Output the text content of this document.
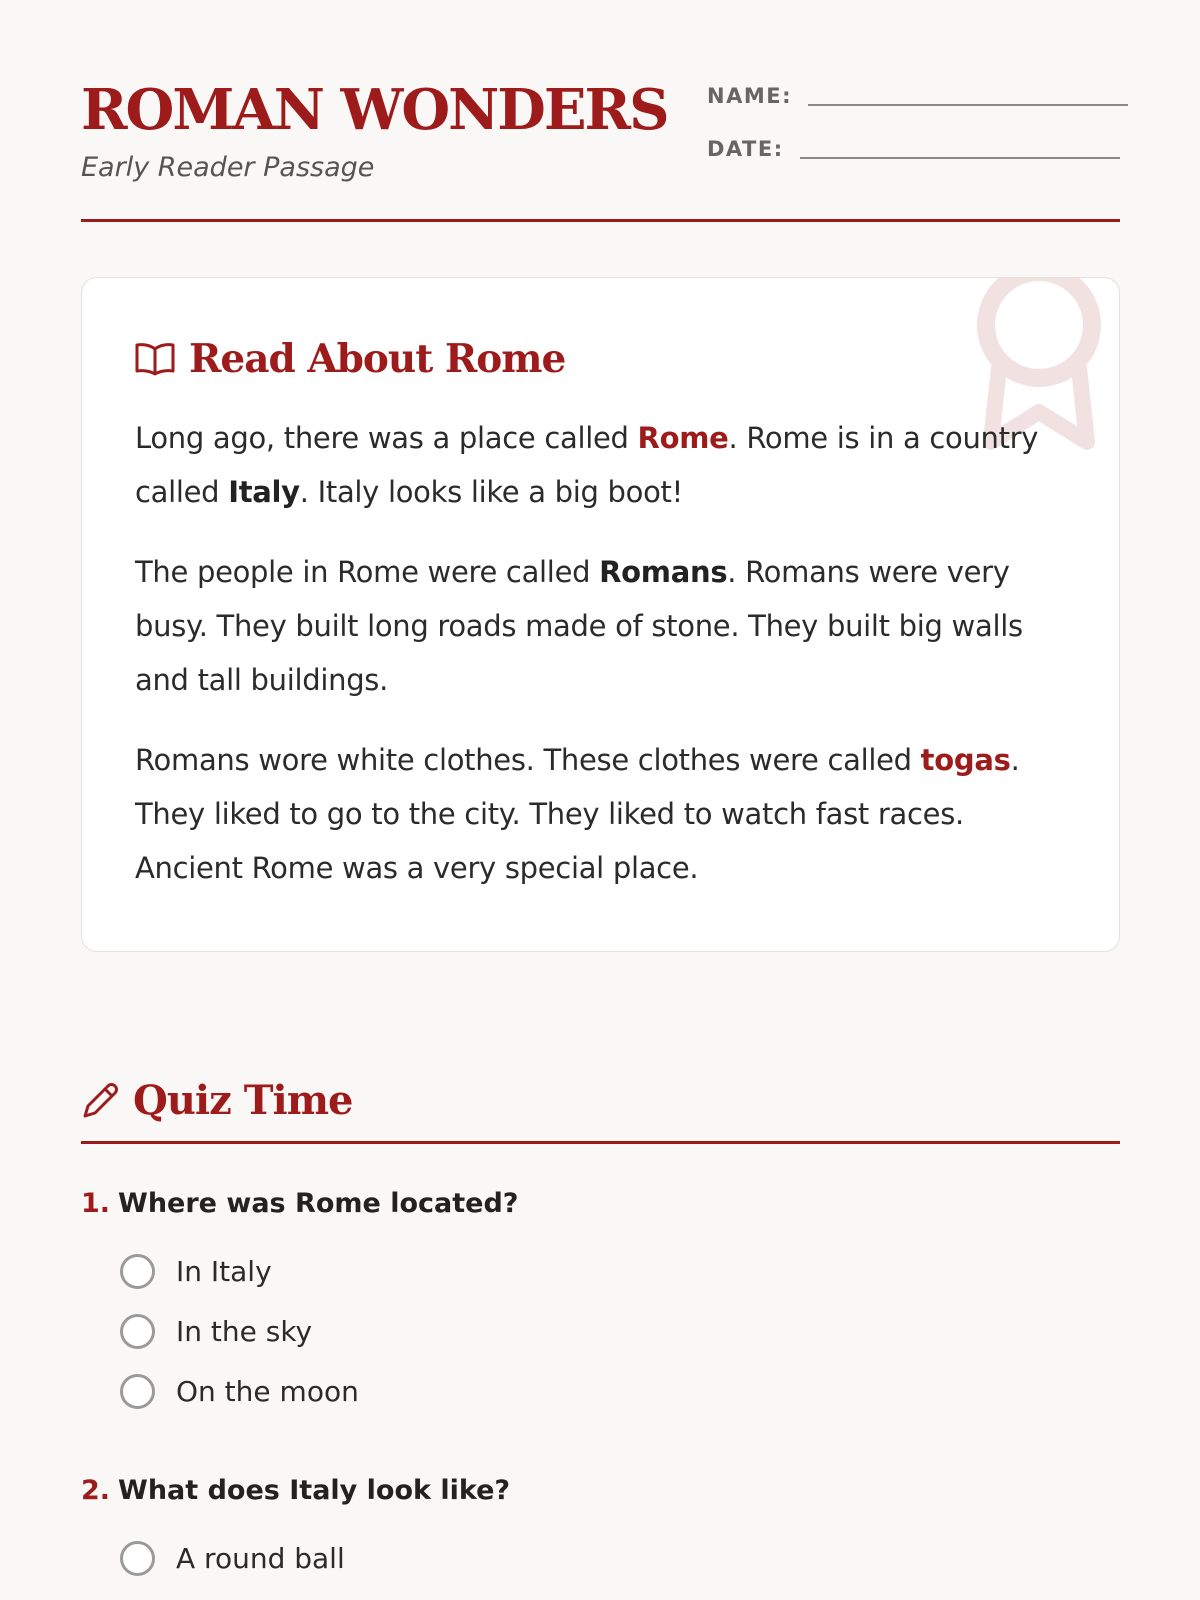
ROMAN WONDERS
Early Reader Passage
NAME:
DATE:
Read About Rome

Long ago, there was a place called Rome. Rome is in a country called Italy. Italy looks like a big boot!

The people in Rome were called Romans. Romans were very busy. They built long roads made of stone. They built big walls and tall buildings.

Romans wore white clothes. These clothes were called togas. They liked to go to the city. They liked to watch fast races. Ancient Rome was a very special place.

Quiz Time
1. Where was Rome located?
In Italy
In the sky
On the moon
2. What does Italy look like?
A round ball
